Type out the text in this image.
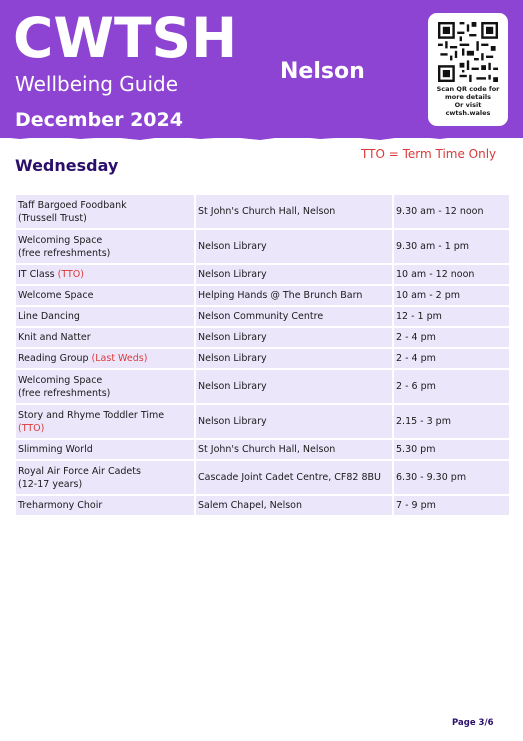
CWTSH
Wellbeing Guide
December 2024
Nelson
Scan QR code for
more details
Or visit
cwtsh.wales
Wednesday
TTO = Term Time Only
Taff Bargoed Foodbank
(Trussell Trust)	St John's Church Hall, Nelson	9.30 am - 12 noon

Welcoming Space
(free refreshments)	Nelson Library	9.30 am - 1 pm
IT Class (TTO)	Nelson Library	10 am - 12 noon
Welcome Space	Helping Hands @ The Brunch Barn	10 am - 2 pm
Line Dancing	Nelson Community Centre	12 - 1 pm
Knit and Natter	Nelson Library	2 - 4 pm
Reading Group (Last Weds)	Nelson Library	2 - 4 pm

Welcoming Space
(free refreshments)	Nelson Library	2 - 6 pm

Story and Rhyme Toddler Time
(TTO)	Nelson Library	2.15 - 3 pm
Slimming World	St John's Church Hall, Nelson	5.30 pm

Royal Air Force Air Cadets
(12-17 years)	Cascade Joint Cadet Centre, CF82 8BU	6.30 - 9.30 pm
Treharmony Choir	Salem Chapel, Nelson	7 - 9 pm
Page 3/6
